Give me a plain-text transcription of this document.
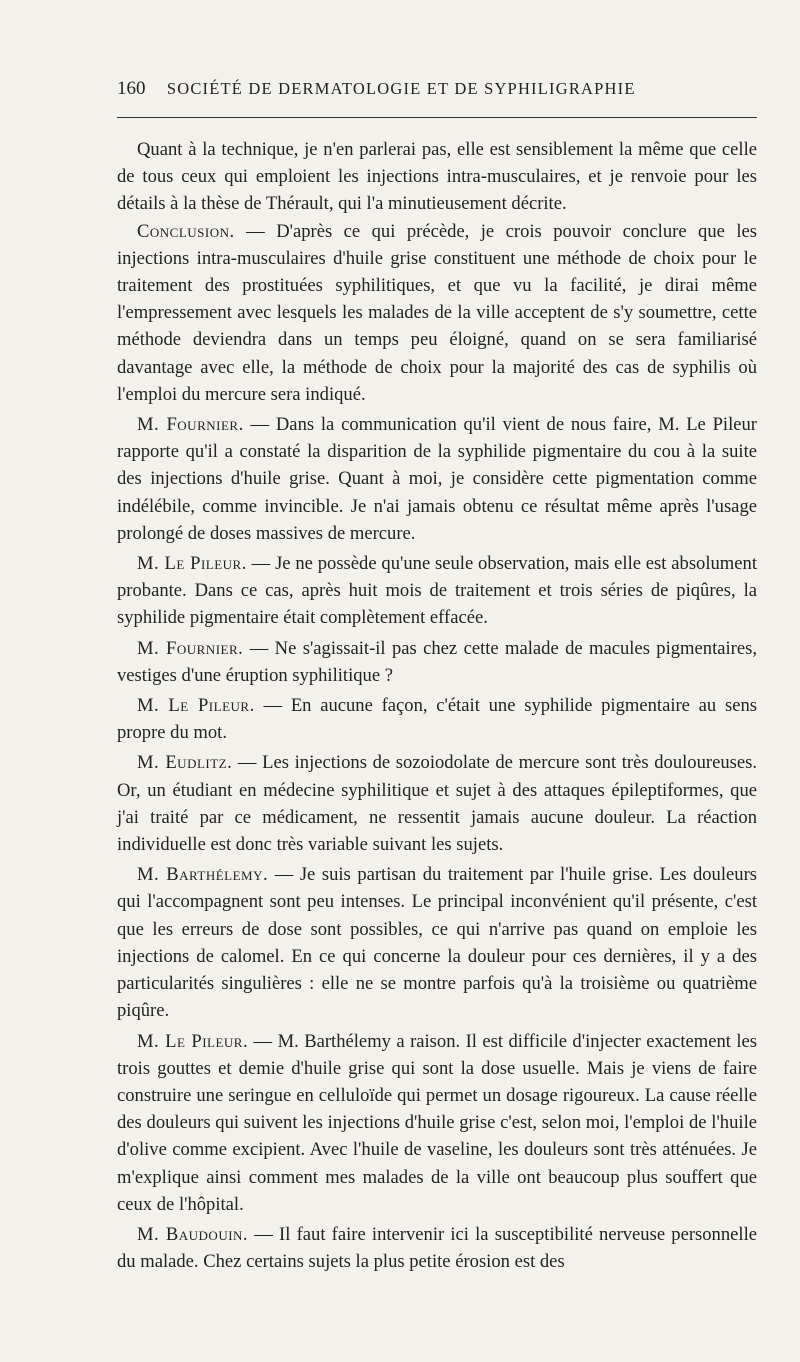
160 SOCIÉTÉ DE DERMATOLOGIE ET DE SYPHILIGRAPHIE

Quant à la technique, je n'en parlerai pas, elle est sensiblement la même que celle de tous ceux qui emploient les injections intra-musculaires, et je renvoie pour les détails à la thèse de Thérault, qui l'a minutieusement décrite.

Conclusion. — D'après ce qui précède, je crois pouvoir conclure que les injections intra-musculaires d'huile grise constituent une méthode de choix pour le traitement des prostituées syphilitiques, et que vu la facilité, je dirai même l'empressement avec lesquels les malades de la ville acceptent de s'y soumettre, cette méthode deviendra dans un temps peu éloigné, quand on se sera familiarisé davantage avec elle, la méthode de choix pour la majorité des cas de syphilis où l'emploi du mercure sera indiqué.

M. Fournier. — Dans la communication qu'il vient de nous faire, M. Le Pileur rapporte qu'il a constaté la disparition de la syphilide pigmentaire du cou à la suite des injections d'huile grise. Quant à moi, je considère cette pigmentation comme indélébile, comme invincible. Je n'ai jamais obtenu ce résultat même après l'usage prolongé de doses massives de mercure.

M. Le Pileur. — Je ne possède qu'une seule observation, mais elle est absolument probante. Dans ce cas, après huit mois de traitement et trois séries de piqûres, la syphilide pigmentaire était complètement effacée.

M. Fournier. — Ne s'agissait-il pas chez cette malade de macules pigmentaires, vestiges d'une éruption syphilitique ?

M. Le Pileur. — En aucune façon, c'était une syphilide pigmentaire au sens propre du mot.

M. Eudlitz. — Les injections de sozoiodolate de mercure sont très douloureuses. Or, un étudiant en médecine syphilitique et sujet à des attaques épileptiformes, que j'ai traité par ce médicament, ne ressentit jamais aucune douleur. La réaction individuelle est donc très variable suivant les sujets.

M. Barthélemy. — Je suis partisan du traitement par l'huile grise. Les douleurs qui l'accompagnent sont peu intenses. Le principal inconvénient qu'il présente, c'est que les erreurs de dose sont possibles, ce qui n'arrive pas quand on emploie les injections de calomel. En ce qui concerne la douleur pour ces dernières, il y a des particularités singulières : elle ne se montre parfois qu'à la troisième ou quatrième piqûre.

M. Le Pileur. — M. Barthélemy a raison. Il est difficile d'injecter exactement les trois gouttes et demie d'huile grise qui sont la dose usuelle. Mais je viens de faire construire une seringue en celluloïde qui permet un dosage rigoureux. La cause réelle des douleurs qui suivent les injections d'huile grise c'est, selon moi, l'emploi de l'huile d'olive comme excipient. Avec l'huile de vaseline, les douleurs sont très atténuées. Je m'explique ainsi comment mes malades de la ville ont beaucoup plus souffert que ceux de l'hôpital.

M. Baudouin. — Il faut faire intervenir ici la susceptibilité nerveuse personnelle du malade. Chez certains sujets la plus petite érosion est des
